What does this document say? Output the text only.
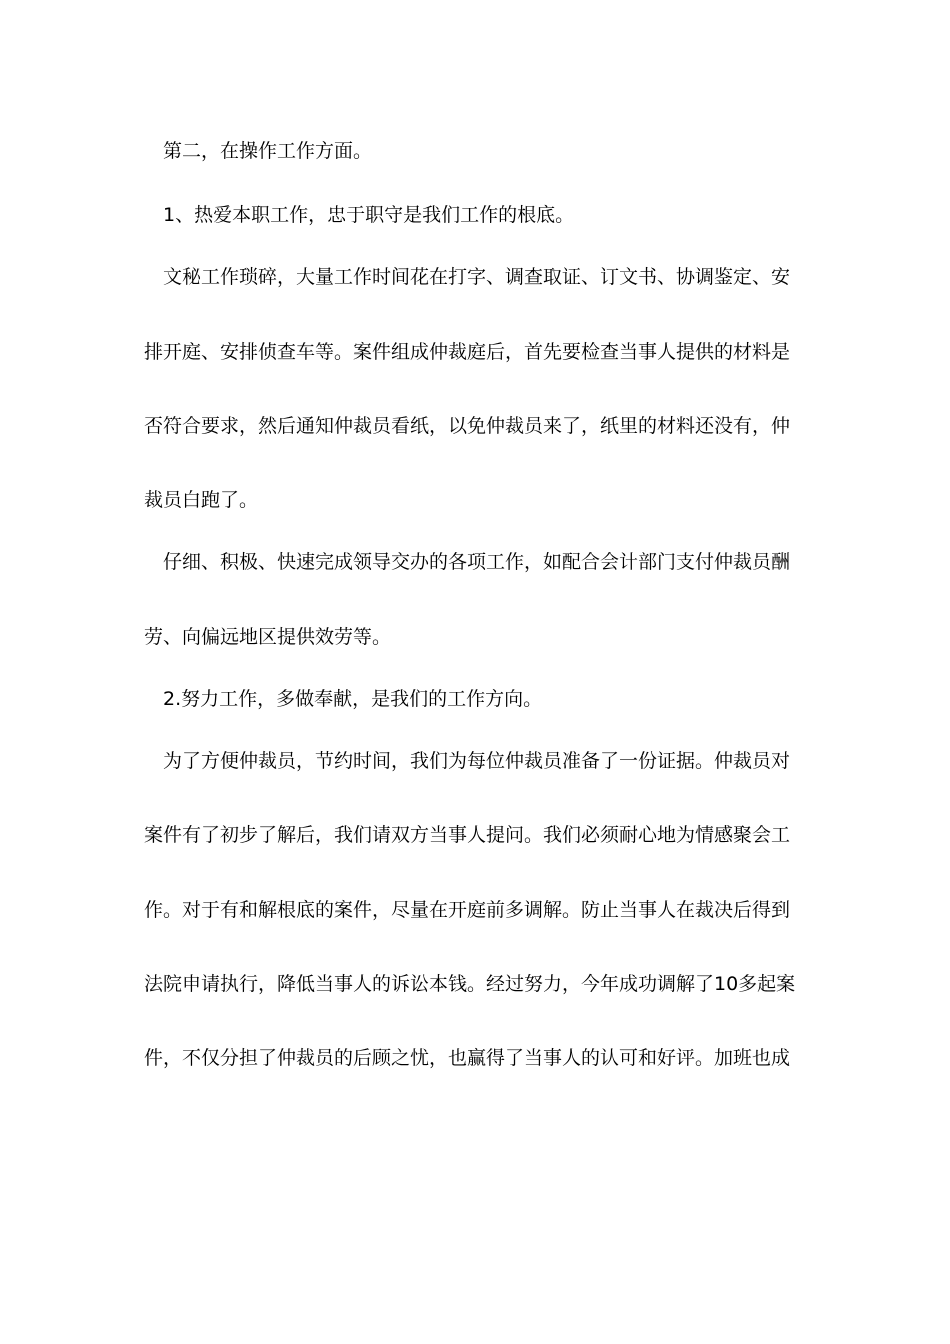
第二，在操作工作方面。
1、热爱本职工作，忠于职守是我们工作的根底。
文秘工作琐碎，大量工作时间花在打字、调查取证、订文书、协调鉴定、安
排开庭、安排侦查车等。案件组成仲裁庭后，首先要检查当事人提供的材料是
否符合要求，然后通知仲裁员看纸，以免仲裁员来了，纸里的材料还没有，仲
裁员白跑了。
仔细、积极、快速完成领导交办的各项工作，如配合会计部门支付仲裁员酬
劳、向偏远地区提供效劳等。
2.努力工作，多做奉献，是我们的工作方向。
为了方便仲裁员，节约时间，我们为每位仲裁员准备了一份证据。仲裁员对
案件有了初步了解后，我们请双方当事人提问。我们必须耐心地为情感聚会工
作。对于有和解根底的案件，尽量在开庭前多调解。防止当事人在裁决后得到
法院申请执行，降低当事人的诉讼本钱。经过努力，今年成功调解了10多起案
件，不仅分担了仲裁员的后顾之忧，也赢得了当事人的认可和好评。加班也成
